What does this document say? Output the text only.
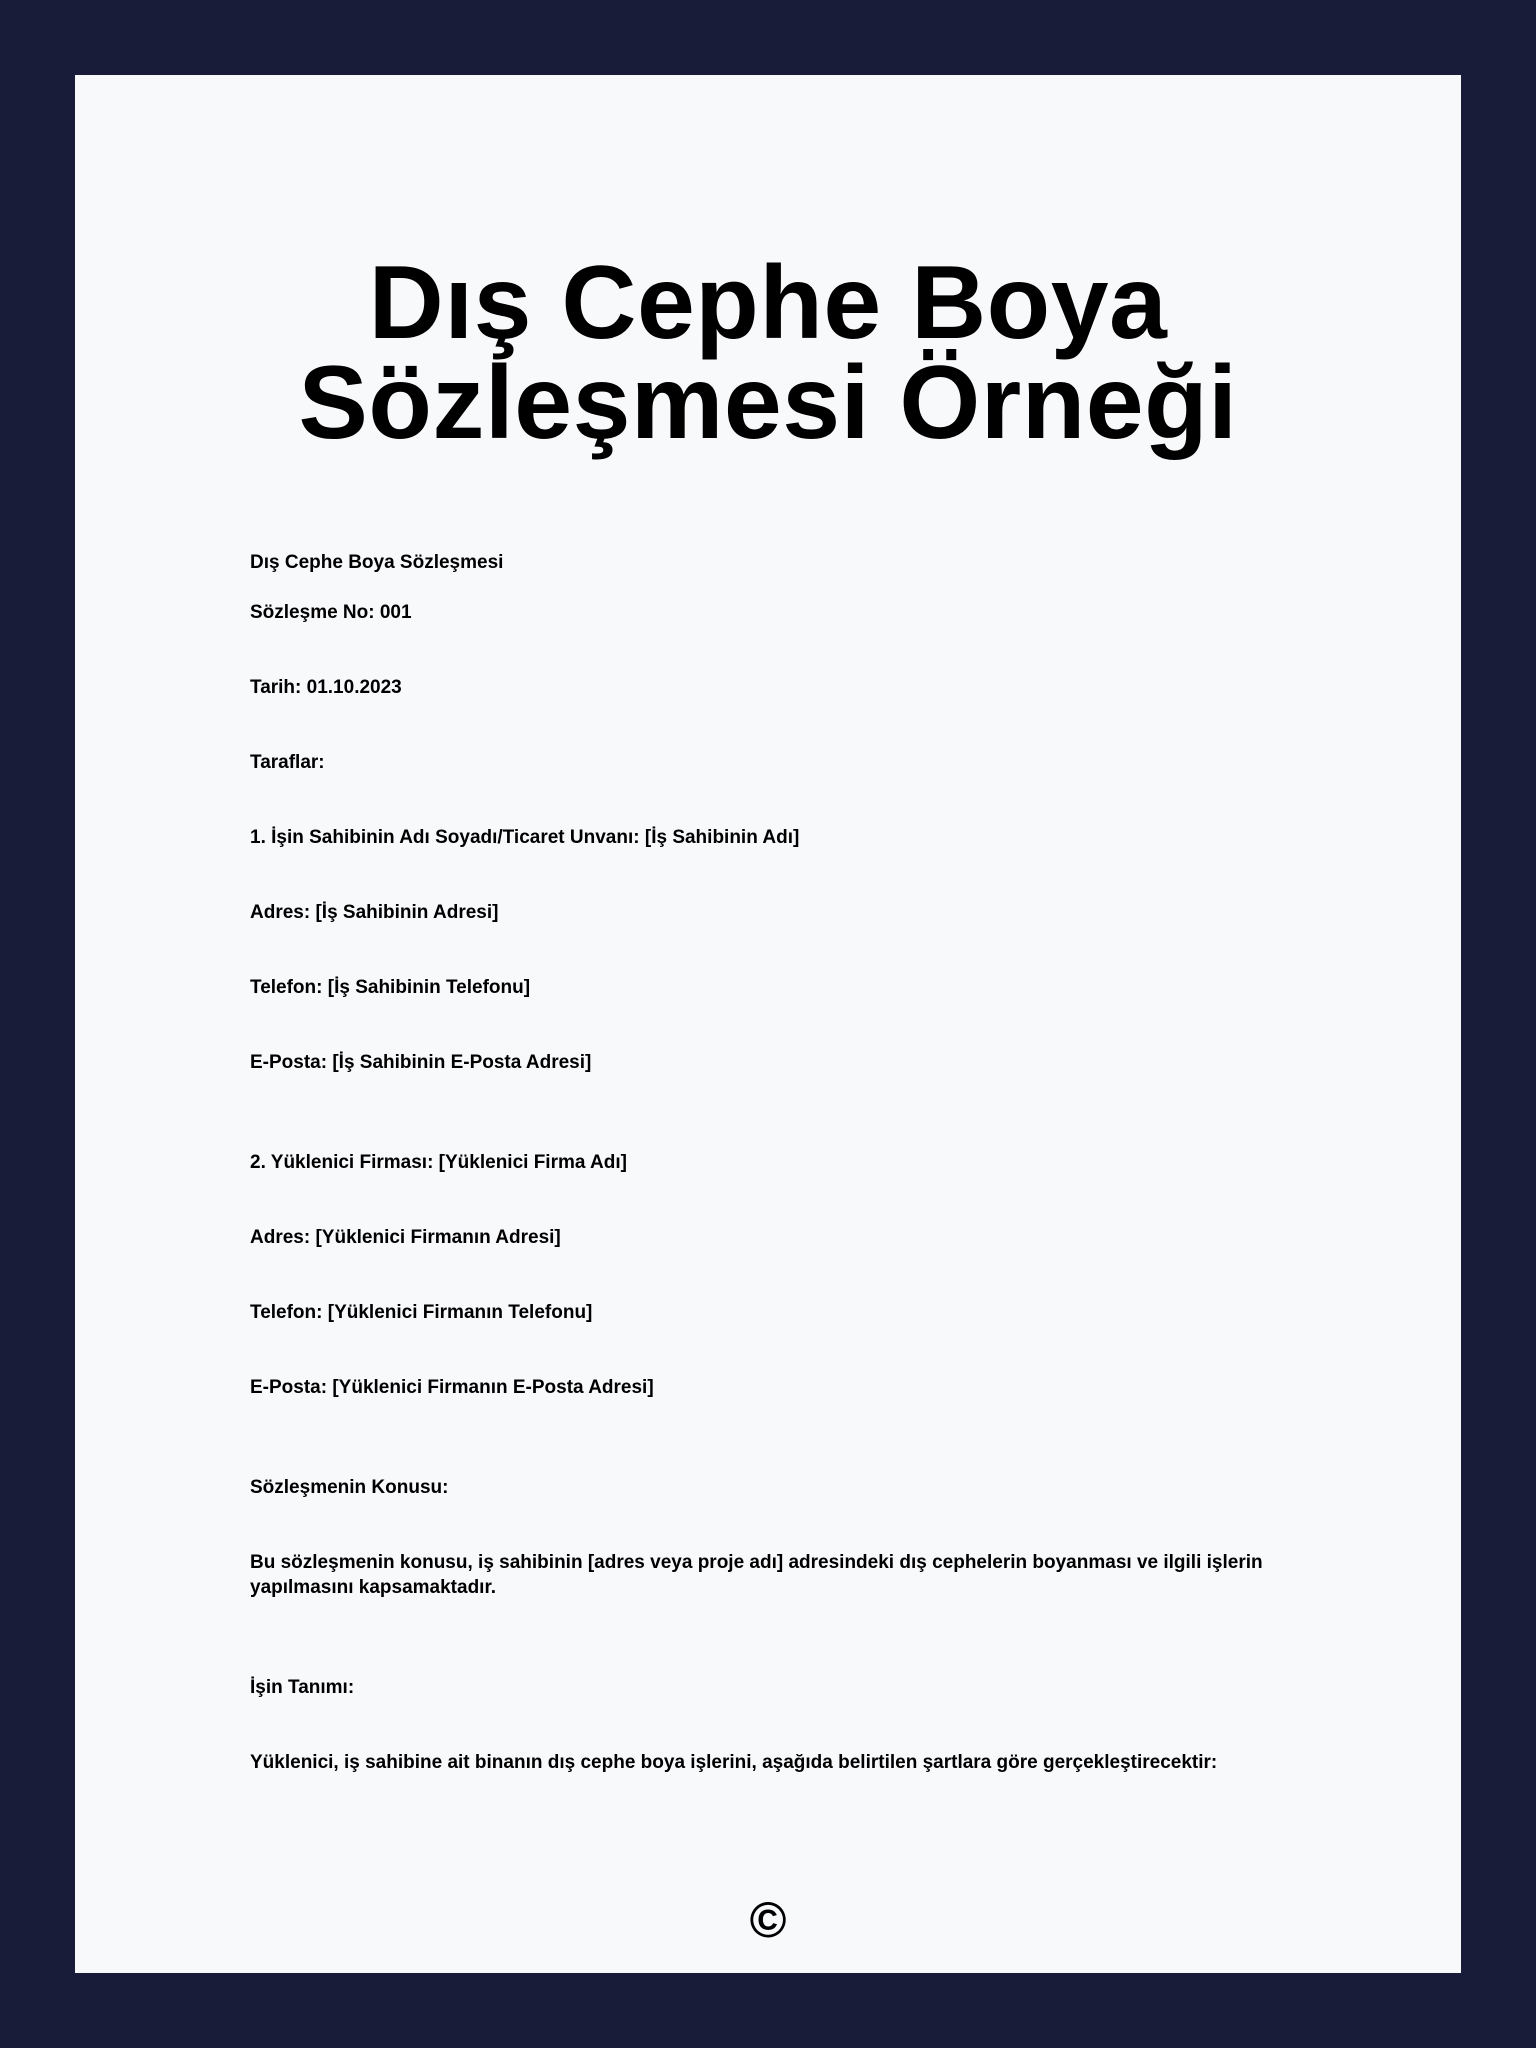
Dış Cephe Boya Sözleşmesi Örneği

Dış Cephe Boya Sözleşmesi

Sözleşme No: 001

Tarih: 01.10.2023

Taraflar:

1. İşin Sahibinin Adı Soyadı/Ticaret Unvanı: [İş Sahibinin Adı]

Adres: [İş Sahibinin Adresi]

Telefon: [İş Sahibinin Telefonu]

E-Posta: [İş Sahibinin E-Posta Adresi]

2. Yüklenici Firması: [Yüklenici Firma Adı]

Adres: [Yüklenici Firmanın Adresi]

Telefon: [Yüklenici Firmanın Telefonu]

E-Posta: [Yüklenici Firmanın E-Posta Adresi]

Sözleşmenin Konusu:

Bu sözleşmenin konusu, iş sahibinin [adres veya proje adı] adresindeki dış cephelerin boyanması ve ilgili işlerin yapılmasını kapsamaktadır.

İşin Tanımı:

Yüklenici, iş sahibine ait binanın dış cephe boya işlerini, aşağıda belirtilen şartlara göre gerçekleştirecektir:

©
